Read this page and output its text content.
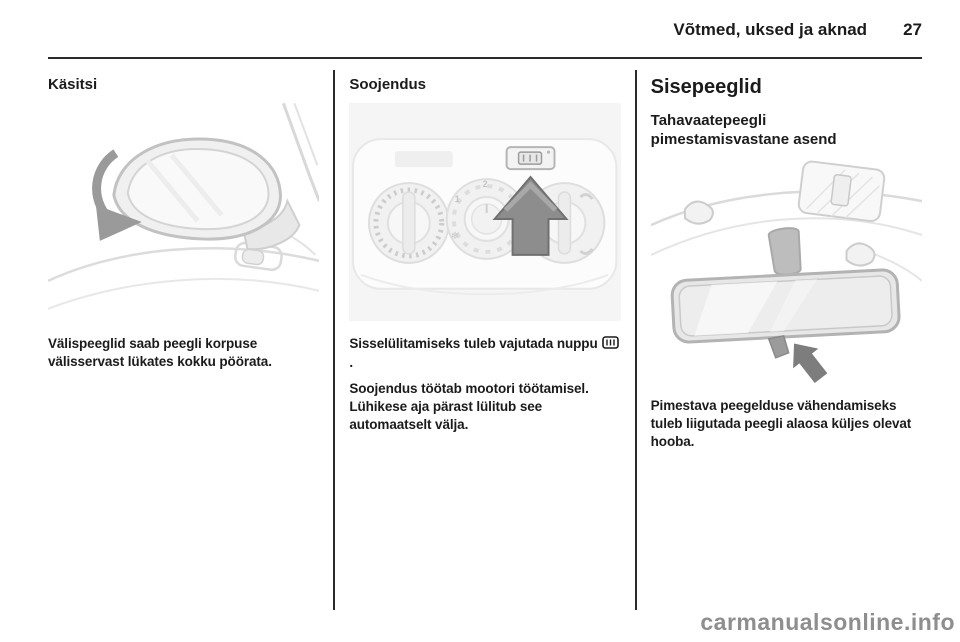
Võtmed, uksed ja aknad 27
Käsitsi

Välispeeglid saab peegli korpuse välisservast lükates kokku pöörata.

Soojendus
❄
1
2

Sisselülitamiseks tuleb vajutada nuppu .

Soojendus töötab mootori töötamisel. Lühikese aja pärast lülitub see automaatselt välja.

Sisepeeglid
Tahavaatepeegli pimestamisvastane asend

Pimestava peegelduse vähendamiseks tuleb liigutada peegli alaosa küljes olevat hooba.

carmanualsonline.info
